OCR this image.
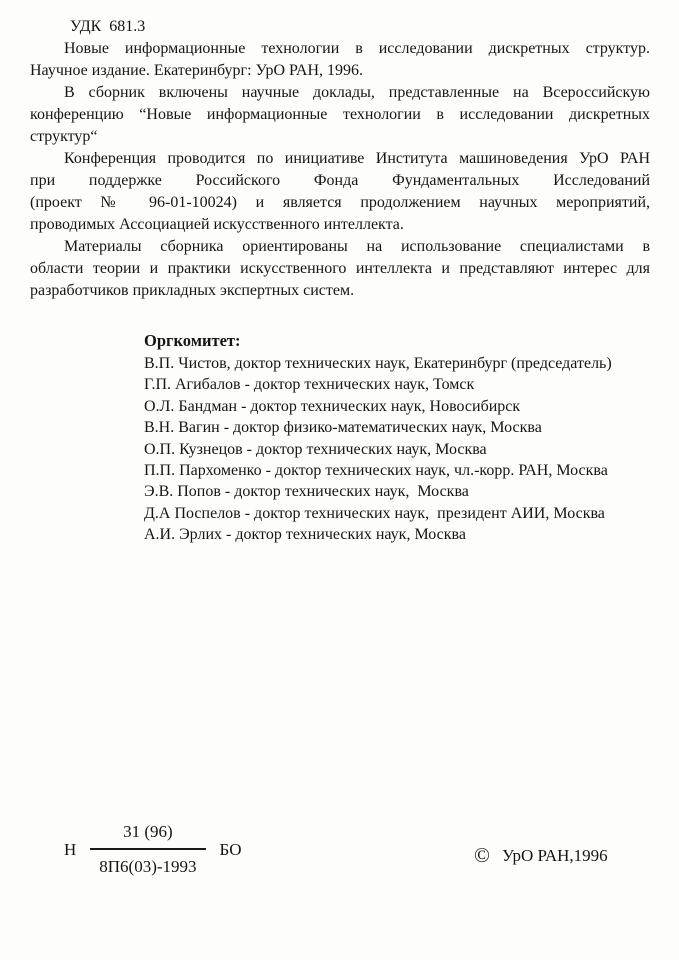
УДК  681.3
Новые информационные технологии в исследовании дискретных структур.
Научное издание. Екатеринбург: УрО РАН, 1996.
В сборник включены научные доклады, представленные на Всероссийскую
конференцию “Новые информационные технологии в исследовании дискретных
структур“
Конференция проводится по инициативе Института машиноведения УрО РАН
при поддержке Российского Фонда Фундаментальных Исследований
(проект № 96-01-10024) и является продолжением научных мероприятий,
проводимых Ассоциацией искусственного интеллекта.
Материалы сборника ориентированы на использование специалистами в
области теории и практики искусственного интеллекта и представляют интерес для
разработчиков прикладных экспертных систем.
Оргкомитет:
В.П. Чистов, доктор технических наук, Екатеринбург (председатель)
Г.П. Агибалов - доктор технических наук, Томск
О.Л. Бандман - доктор технических наук, Новосибирск
В.Н. Вагин - доктор физико-математических наук, Москва
О.П. Кузнецов - доктор технических наук, Москва
П.П. Пархоменко - доктор технических наук, чл.-корр. РАН, Москва
Э.В. Попов - доктор технических наук,  Москва
Д.А Поспелов - доктор технических наук,  президент АИИ, Москва
А.И. Эрлих - доктор технических наук, Москва
Н $\frac{31 (96)}{8П6(03)-1993}$ БО	© УрО РАН,1996
